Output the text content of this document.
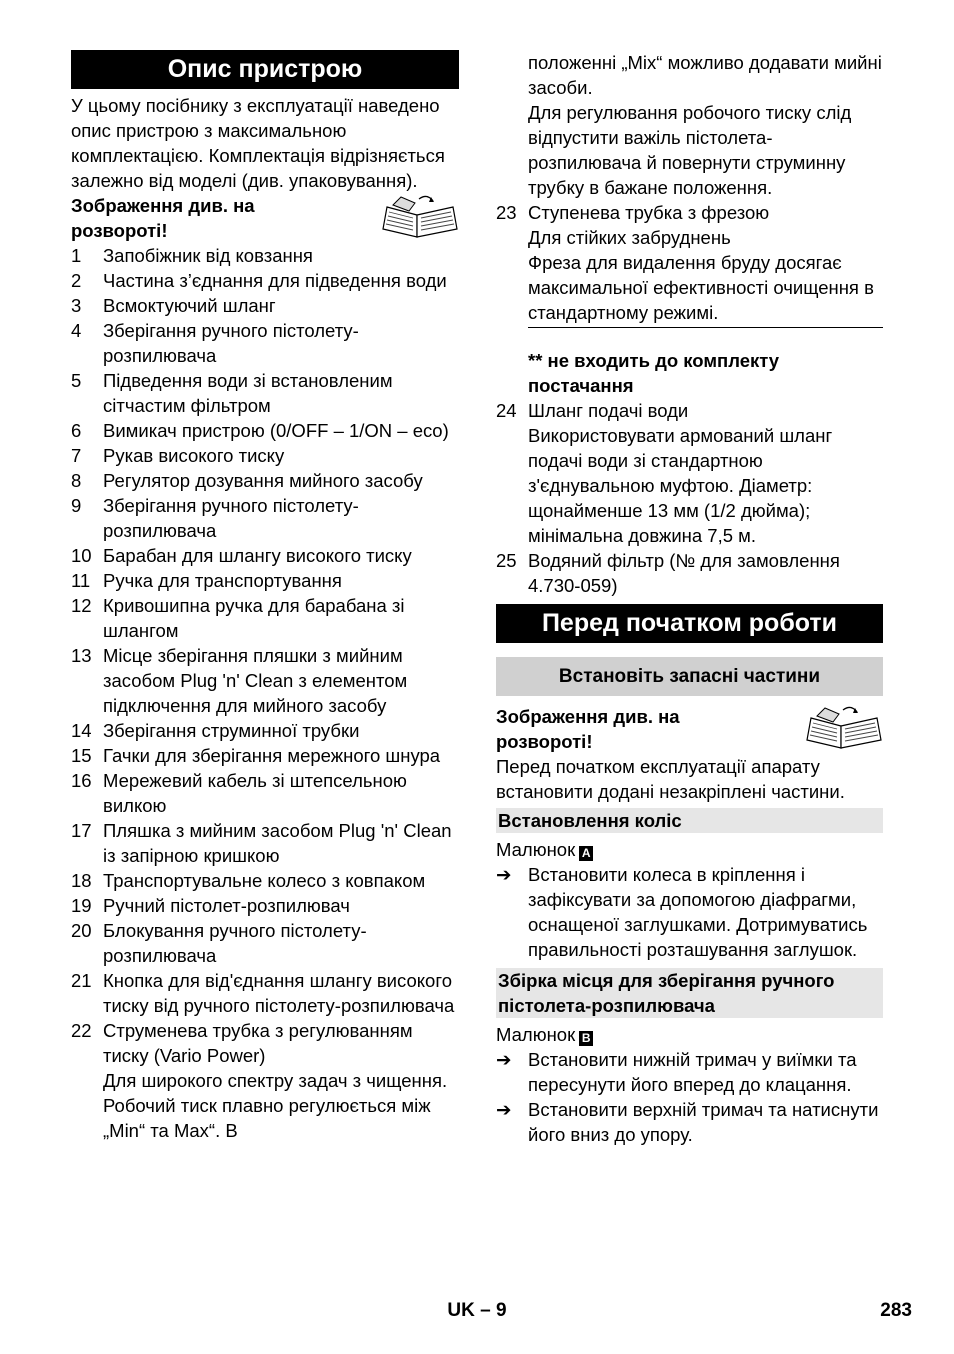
Опис пристрою

У цьому посібнику з експлуатації наведено опис пристрою з максимальною комплектацією. Комплектація відрізняється залежно від моделі (див. упаковування).

Зображення див. на розвороті!
1	Запобіжник від ковзання
2	Частина з’єднання для підведення води
3	Всмоктуючий шланг
4	Зберігання ручного пістолету-розпилювача
5	Підведення води зі встановленим сітчастим фільтром
6	Вимикач пристрою (0/OFF – 1/ON – eco)
7	Рукав високого тиску
8	Регулятор дозування мийного засобу
9	Зберігання ручного пістолету-розпилювача
10 Барабан для шлангу високого тиску
11 Ручка для транспортування
12 Кривошипна ручка для барабана зі шлангом
13 Місце зберігання пляшки з мийним засобом Plug 'n' Clean з елементом підключення для мийного засобу
14 Зберігання струминної трубки
15 Гачки для зберігання мережного шнура
16 Мережевий кабель зі штепсельною вилкою
17 Пляшка з мийним засобом Plug 'n' Clean із запірною кришкою
18 Транспортувальне колесо з ковпаком
19 Ручний пістолет-розпилювач
20 Блокування ручного пістолету-розпилювача
21 Кнопка для від'єднання шлангу високого тиску від ручного пістолету-розпилювача
22 Струменева трубка з регулюванням тиску (Vario Power)
Для широкого спектру задач з чищення. Робочий тиск плавно регулюється між „Min“ та Max“. В
положенні „Mix“ можливо додавати мийні засоби.
Для регулювання робочого тиску слід відпустити важіль пістолета-розпилювача й повернути струминну трубку в бажане положення.
23 Ступенева трубка з фрезою
Для стійких забруднень
Фреза для видалення бруду досягає максимальної ефективності очищення в стандартному режимі.
** не входить до комплекту постачання
24 Шланг подачі води
Використовувати армований шланг подачі води зі стандартною з'єднувальною муфтою. Діаметр: щонайменше 13 мм (1/2 дюйма); мінімальна довжина 7,5 м.
25 Водяний фільтр (№ для замовлення 4.730-059)
Перед початком роботи
Встановіть запасні частини
Зображення див. на розвороті!

Перед початком експлуатації апарату встановити додані незакріплені частини.

Встановлення коліс
Малюнок A
➔ Встановити колеса в кріплення і зафіксувати за допомогою діафрагми, оснащеної заглушками. Дотримуватись правильності розташування заглушок.
Збірка місця для зберігання ручного пістолета-розпилювача
Малюнок B
➔ Встановити нижній тримач у виїмки та пересунути його вперед до клацання.
➔ Встановити верхній тримач та натиснути його вниз до упору.
UK – 9	283
